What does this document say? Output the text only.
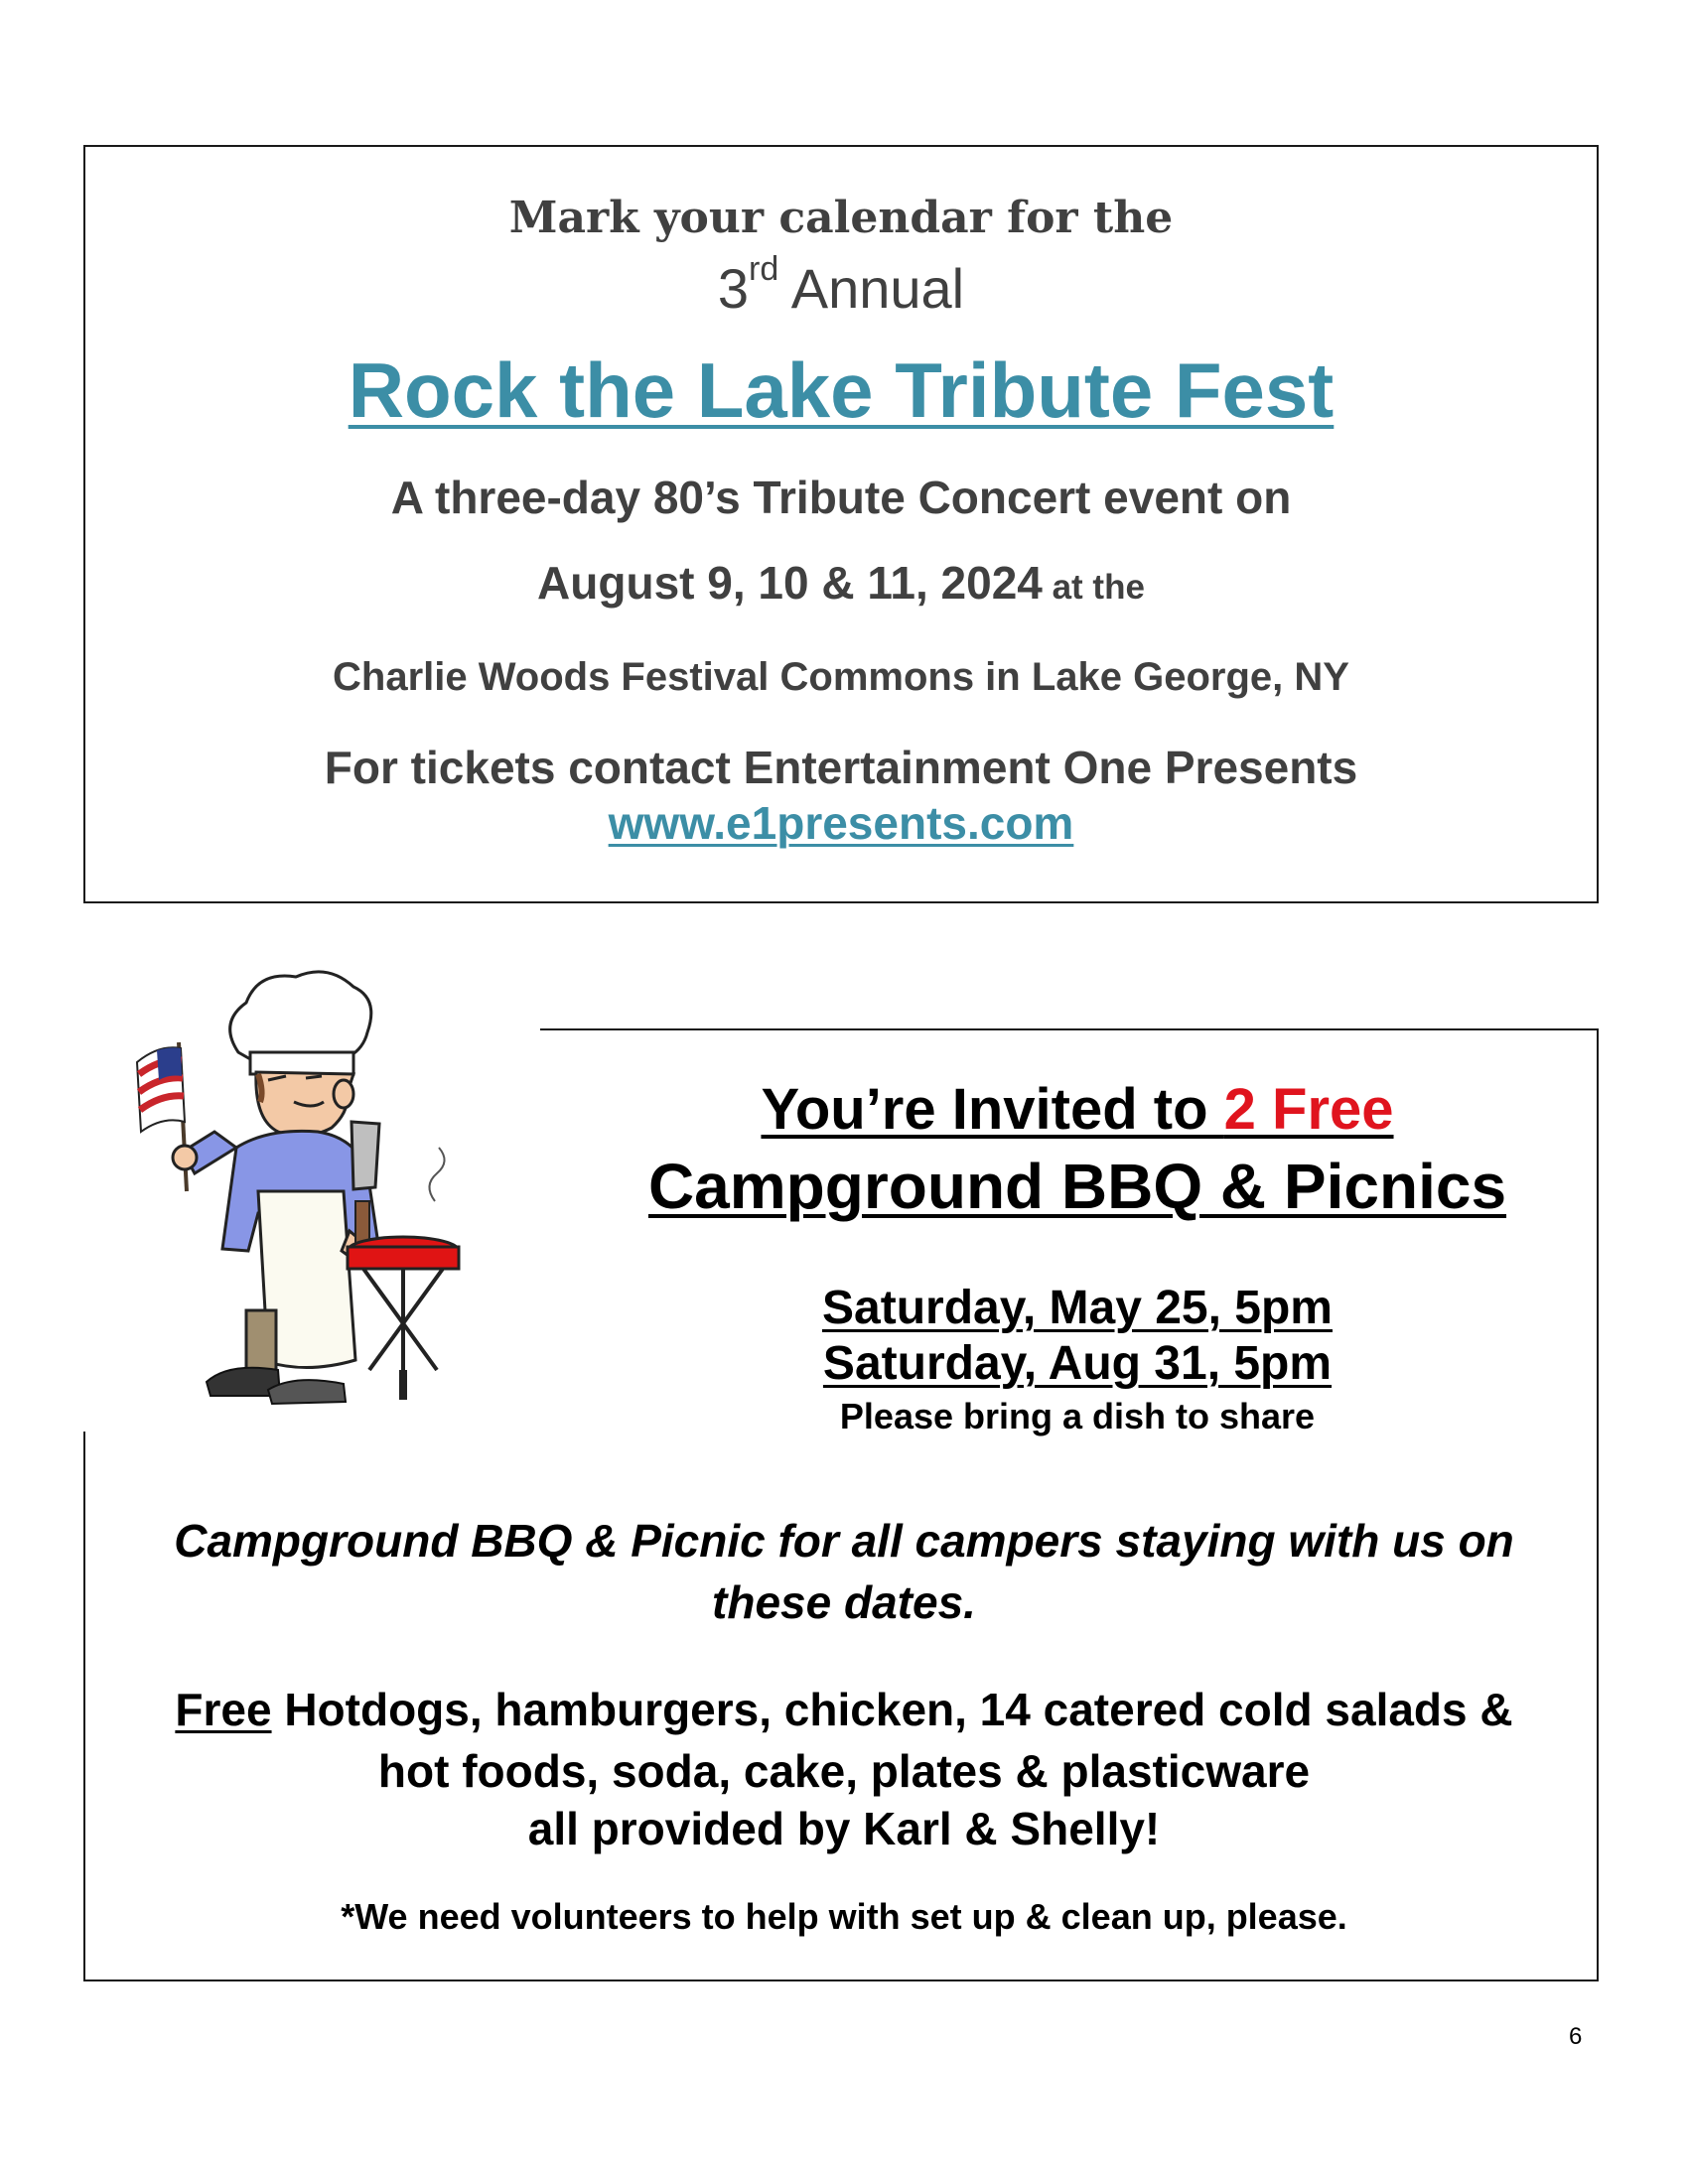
Mark your calendar for the
3rd Annual
Rock the Lake Tribute Fest
A three-day 80’s Tribute Concert event on
August 9, 10 & 11, 2024 at the
Charlie Woods Festival Commons in Lake George, NY
For tickets contact Entertainment One Presents
www.e1presents.com
You’re Invited to 2 Free
Campground BBQ & Picnics
Saturday, May 25, 5pm
Saturday, Aug 31, 5pm
Please bring a dish to share
Campground BBQ & Picnic for all campers staying with us on
these dates.
Free Hotdogs, hamburgers, chicken, 14 catered cold salads &
hot foods, soda, cake, plates & plasticware
all provided by Karl & Shelly!
*We need volunteers to help with set up & clean up, please.
6
